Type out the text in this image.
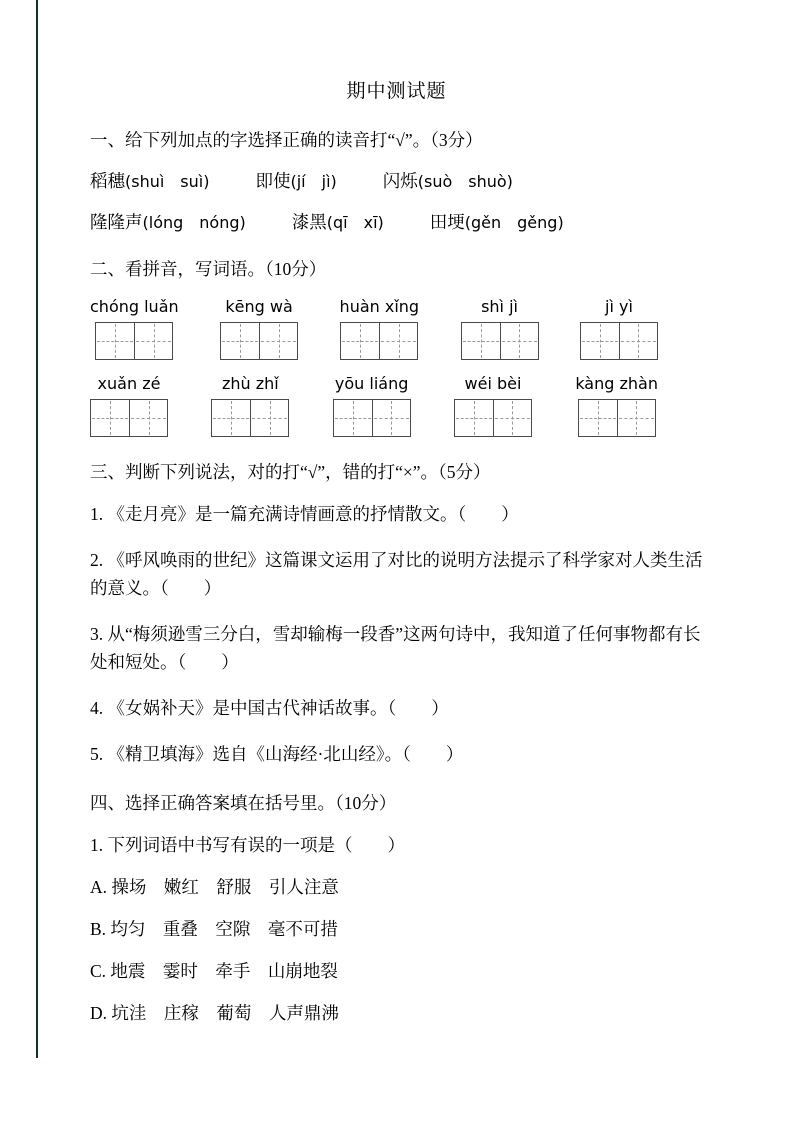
期中测试题
一、给下列加点的字选择正确的读音打“√”。（3分）
稻穗(shuì　suì)	即使(jí　jì)	闪烁(suò　shuò)
隆隆声(lóng　nóng)	漆黑(qī　xī)	田埂(gěn　gěng)
二、看拼音，写词语。（10分）
chóng luǎn	kēng wà	huàn xǐng	shì jì	jì yì
xuǎn zé	zhù zhǐ	yōu liáng	wéi bèi	kàng zhàn
三、判断下列说法，对的打“√”，错的打“×”。（5分）
1. 《走月亮》是一篇充满诗情画意的抒情散文。（　　）
2. 《呼风唤雨的世纪》这篇课文运用了对比的说明方法提示了科学家对人类生活的意义。（　　）
3. 从“梅须逊雪三分白，雪却输梅一段香”这两句诗中，我知道了任何事物都有长处和短处。（　　）
4. 《女娲补天》是中国古代神话故事。（　　）
5. 《精卫填海》选自《山海经·北山经》。（　　）
四、选择正确答案填在括号里。（10分）
1. 下列词语中书写有误的一项是（　　）
A. 操场　嫩红　舒服　引人注意
B. 均匀　重叠　空隙　毫不可措
C. 地震　霎时　牵手　山崩地裂
D. 坑洼　庄稼　葡萄　人声鼎沸
